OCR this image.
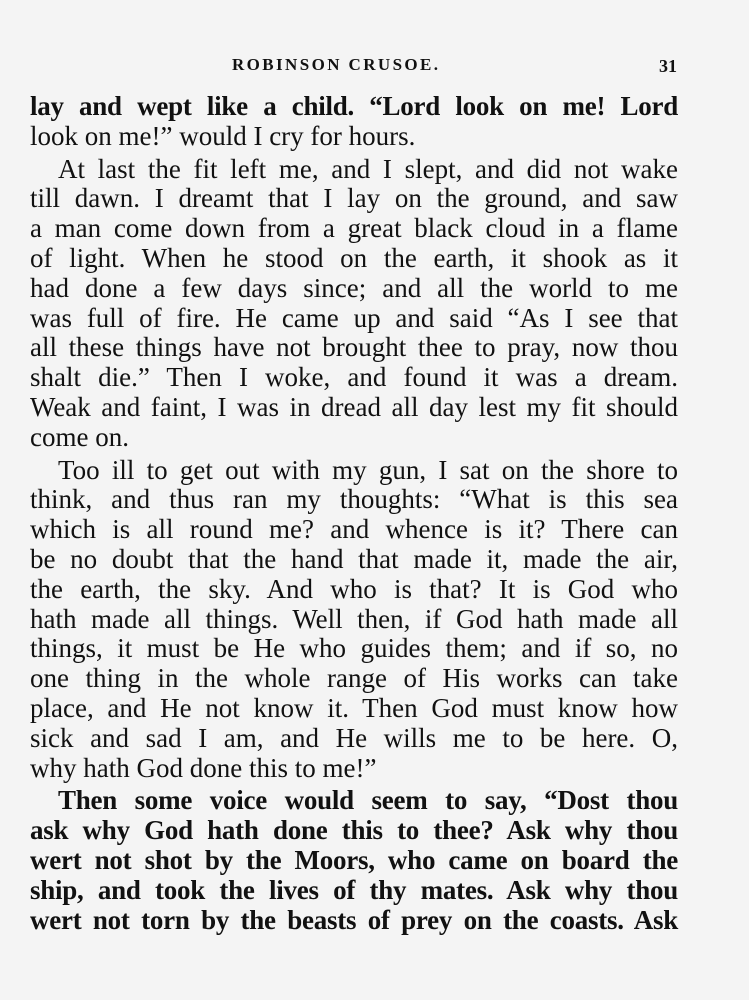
ROBINSON CRUSOE.	31
lay and wept like a child. “Lord look on me! Lord
look on me!” would I cry for hours.
At last the fit left me, and I slept, and did not wake
till dawn. I dreamt that I lay on the ground, and saw
a man come down from a great black cloud in a flame
of light. When he stood on the earth, it shook as it
had done a few days since; and all the world to me
was full of fire. He came up and said “As I see that
all these things have not brought thee to pray, now thou
shalt die.” Then I woke, and found it was a dream.
Weak and faint, I was in dread all day lest my fit should
come on.
Too ill to get out with my gun, I sat on the shore to
think, and thus ran my thoughts: “What is this sea
which is all round me? and whence is it? There can
be no doubt that the hand that made it, made the air,
the earth, the sky. And who is that? It is God who
hath made all things. Well then, if God hath made all
things, it must be He who guides them; and if so, no
one thing in the whole range of His works can take
place, and He not know it. Then God must know how
sick and sad I am, and He wills me to be here. O,
why hath God done this to me!”
Then some voice would seem to say, “Dost thou
ask why God hath done this to thee? Ask why thou
wert not shot by the Moors, who came on board the
ship, and took the lives of thy mates. Ask why thou
wert not torn by the beasts of prey on the coasts. Ask
